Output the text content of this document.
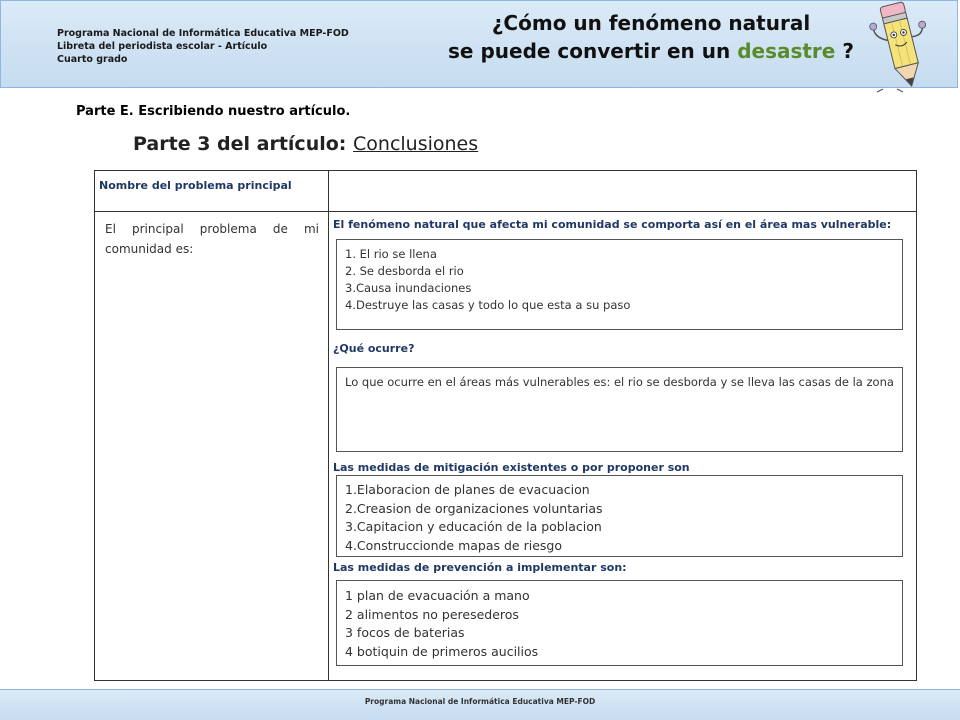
Programa Nacional de Informática Educativa MEP-FOD
Libreta del periodista escolar - Artículo
Cuarto grado
¿Cómo un fenómeno natural
se puede convertir en un desastre ?
Parte E. Escribiendo nuestro artículo.
Parte 3 del artículo: Conclusiones
Nombre del problema principal
El principal problema de mi comunidad es:
El fenómeno natural que afecta mi comunidad se comporta así en el área mas vulnerable:
1. El rio se llena
2. Se desborda el rio
3.Causa inundaciones
4.Destruye las casas y todo lo que esta a su paso
¿Qué ocurre?
Lo que ocurre en el áreas más vulnerables es: el rio se desborda y se lleva las casas de la zona
Las medidas de mitigación existentes o por proponer son
1.Elaboracion de planes de evacuacion
2.Creasion de organizaciones voluntarias
3.Capitacion y educación de la poblacion
4.Construccionde mapas de riesgo
Las medidas de prevención a implementar son:
1 plan de evacuación a mano
2 alimentos no peresederos
3 focos de baterias
4 botiquin de primeros aucilios
Programa Nacional de Informática Educativa MEP-FOD
